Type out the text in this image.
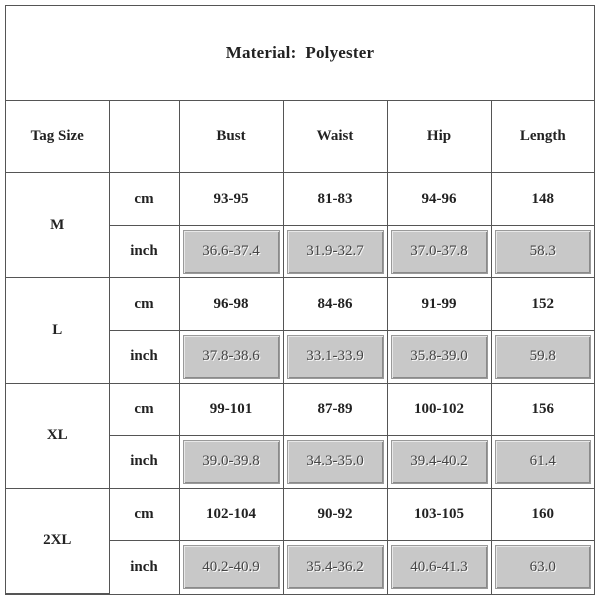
Material:
Polyester
Tag Size		Bust	Waist	Hip	Length
M	cm	93-95	81-83	94-96	148
	inch	36.6-37.4	31.9-32.7	37.0-37.8	58.3

L	cm	96-98	84-86	91-99	152
	inch	37.8-38.6	33.1-33.9	35.8-39.0	59.8

XL	cm	99-101	87-89	100-102	156
	inch	39.0-39.8	34.3-35.0	39.4-40.2	61.4

2XL	cm	102-104	90-92	103-105	160
	inch	40.2-40.9	35.4-36.2	40.6-41.3	63.0
